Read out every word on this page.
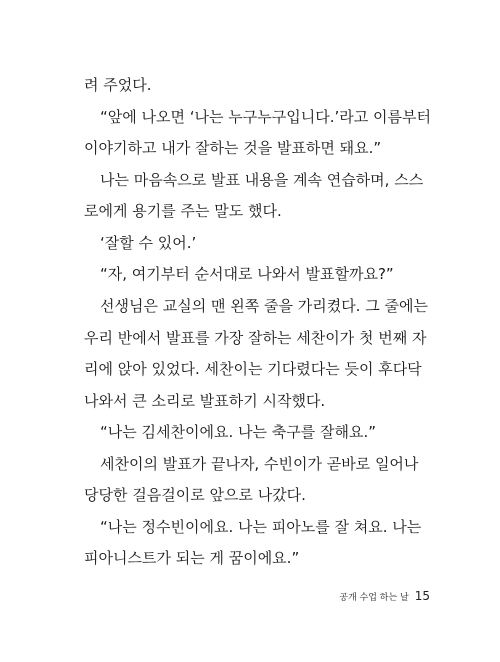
려 주었다.
“앞에 나오면 ‘나는 누구누구입니다.’라고 이름부터
이야기하고 내가 잘하는 것을 발표하면 돼요.”
나는 마음속으로 발표 내용을 계속 연습하며, 스스
로에게 용기를 주는 말도 했다.
‘잘할 수 있어.’
“자, 여기부터 순서대로 나와서 발표할까요?”
선생님은 교실의 맨 왼쪽 줄을 가리켰다. 그 줄에는
우리 반에서 발표를 가장 잘하는 세찬이가 첫 번째 자
리에 앉아 있었다. 세찬이는 기다렸다는 듯이 후다닥
나와서 큰 소리로 발표하기 시작했다.
“나는 김세찬이에요. 나는 축구를 잘해요.”
세찬이의 발표가 끝나자, 수빈이가 곧바로 일어나
당당한 걸음걸이로 앞으로 나갔다.
“나는 정수빈이에요. 나는 피아노를 잘 쳐요. 나는
피아니스트가 되는 게 꿈이에요.”
공개 수업 하는 날 15
